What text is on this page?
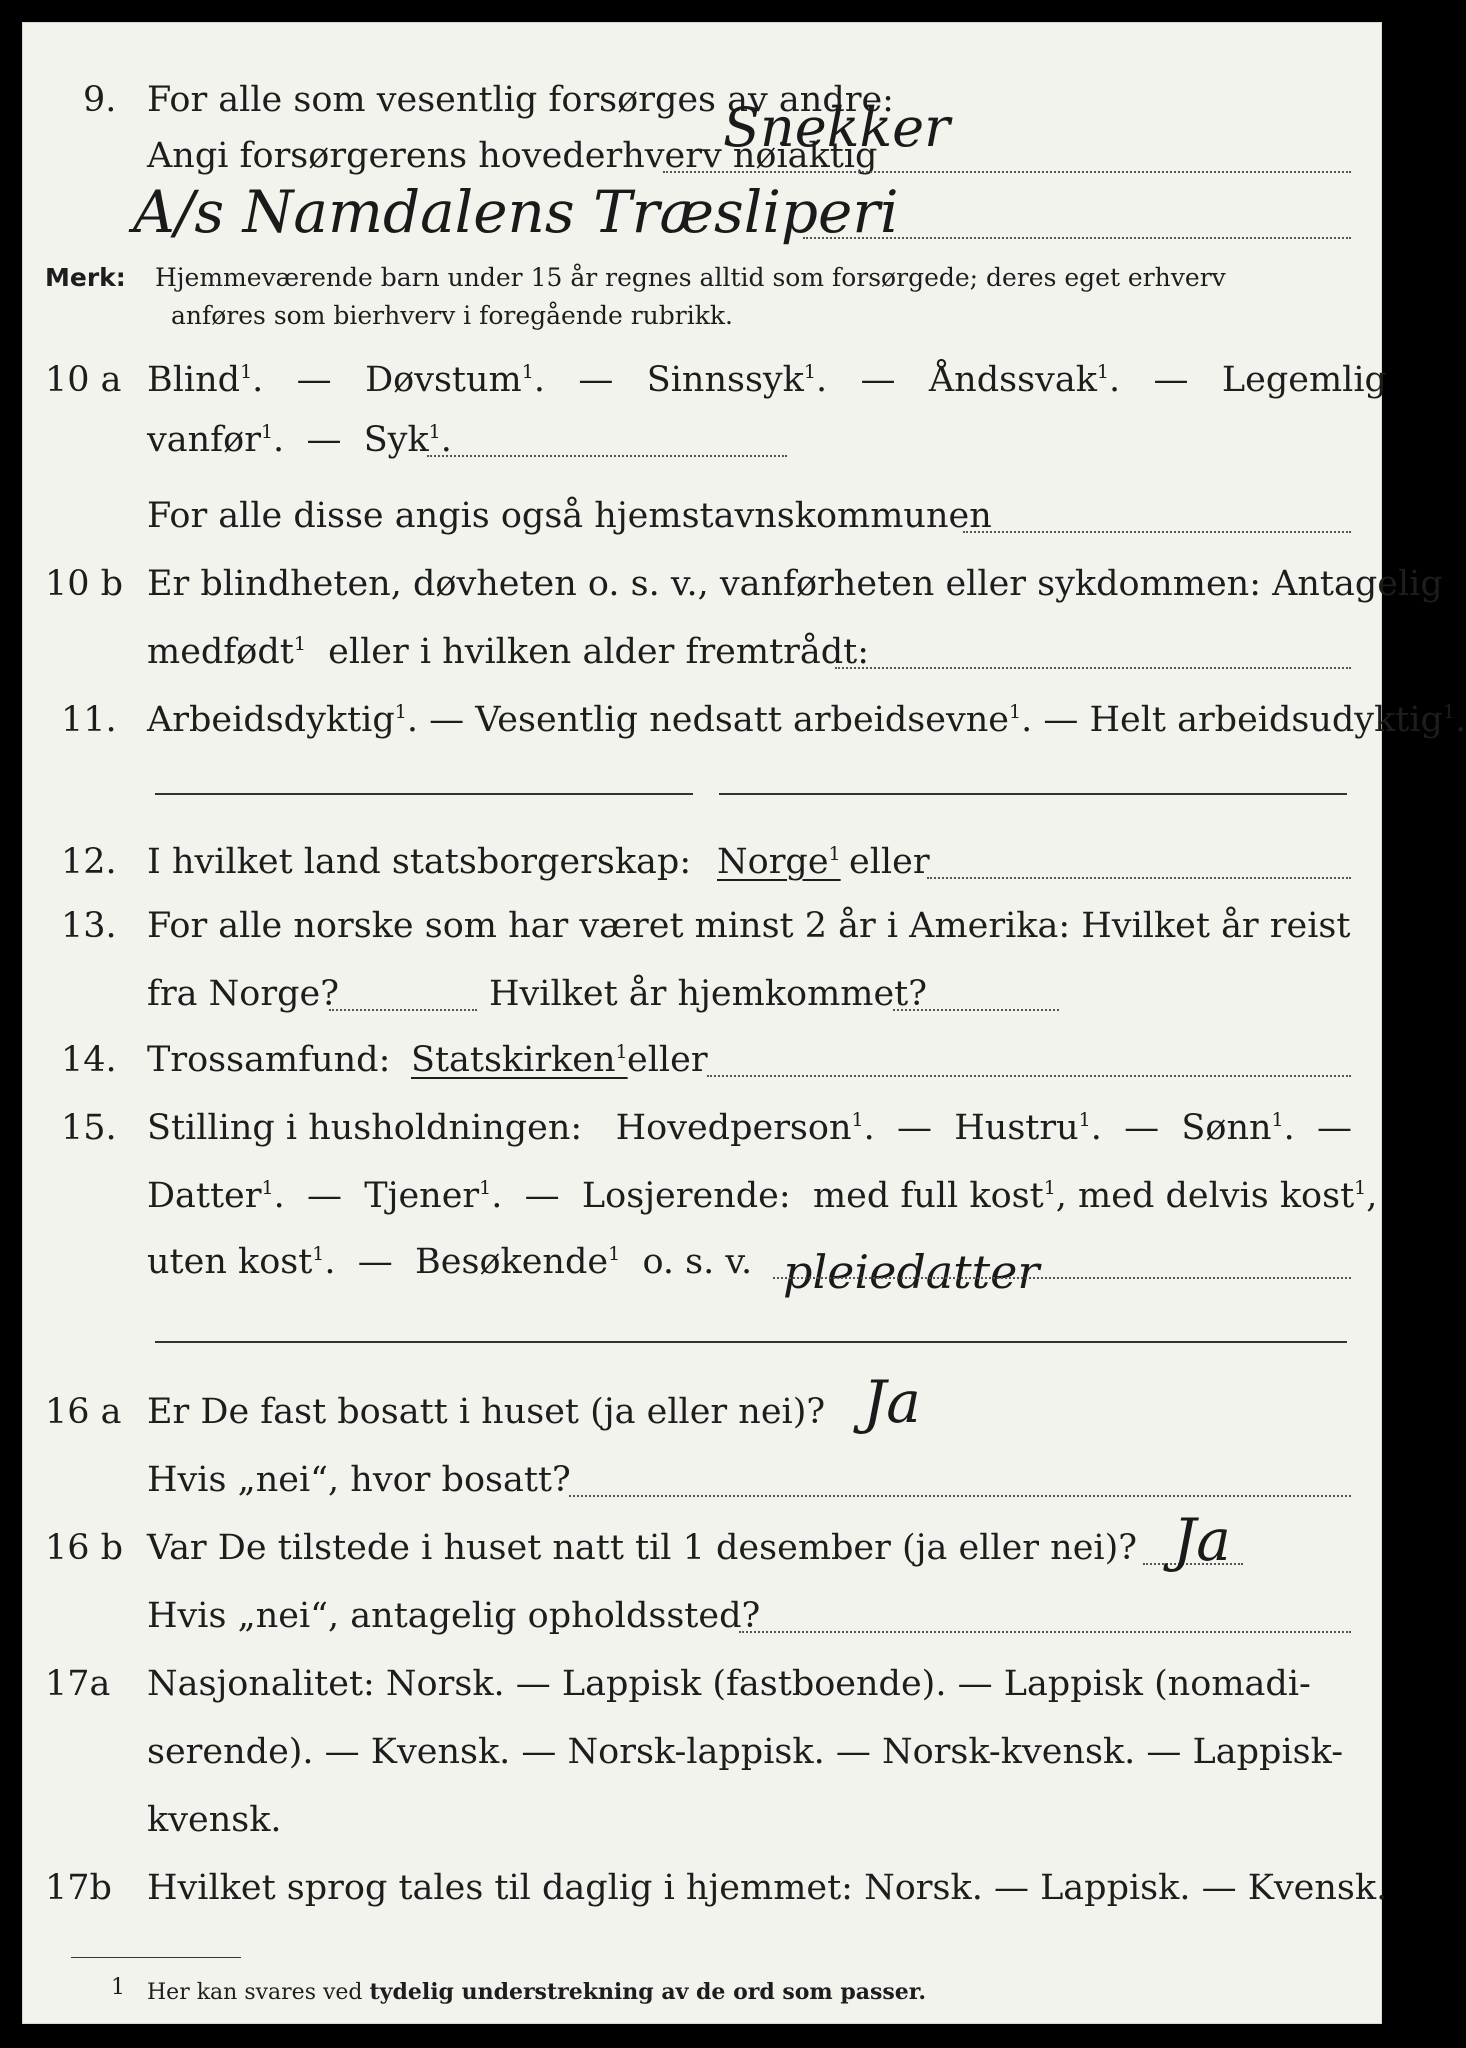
9. For alle som vesentlig forsørges av andre:
Angi forsørgerens hovederhverv nøiaktig
Snekker
A/s Namdalens Træsliperi
Merk: Hjemmeværende barn under 15 år regnes alltid som forsørgede; deres eget erhverv
anføres som bierhverv i foregående rubrikk.
10 a Blind$^1$.   — Døvstum$^1$.   — Sinnssyk$^1$.   — Åndssvak$^1$.   — Legemlig
vanfør$^1$.  — Syk$^1$.
For alle disse angis også hjemstavnskommunen
10 b Er blindheten, døvheten o. s. v., vanførheten eller sykdommen: Antagelig
medfødt$^1$ eller i hvilken alder fremtrådt:
11. Arbeidsdyktig$^1$. — Vesentlig nedsatt arbeidsevne$^1$. — Helt arbeidsudyktig$^1$.
12. I hvilket land statsborgerskap: Norge$^1$ eller
13. For alle norske som har været minst 2 år i Amerika: Hvilket år reist
fra Norge?	Hvilket år hjemkommet?
14. Trossamfund: Statskirken$^1$ eller
15. Stilling i husholdningen: Hovedperson$^1$.  — Hustru$^1$.  — Sønn$^1$.  —
Datter$^1$.  — Tjener$^1$.  — Losjerende: med full kost$^1$, med delvis kost$^1$,
uten kost$^1$.  — Besøkende$^1$ o. s. v. pleiedatter
16 a Er De fast bosatt i huset (ja eller nei)? Ja
Hvis „nei“, hvor bosatt?
16 b Var De tilstede i huset natt til 1 desember (ja eller nei)? Ja
Hvis „nei“, antagelig opholdssted?
17a Nasjonalitet: Norsk. — Lappisk (fastboende). — Lappisk (nomadi-
serende). — Kvensk. — Norsk-lappisk. — Norsk-kvensk. — Lappisk-
kvensk.
17b Hvilket sprog tales til daglig i hjemmet: Norsk. — Lappisk. — Kvensk.
1 Her kan svares ved tydelig understrekning av de ord som passer.
